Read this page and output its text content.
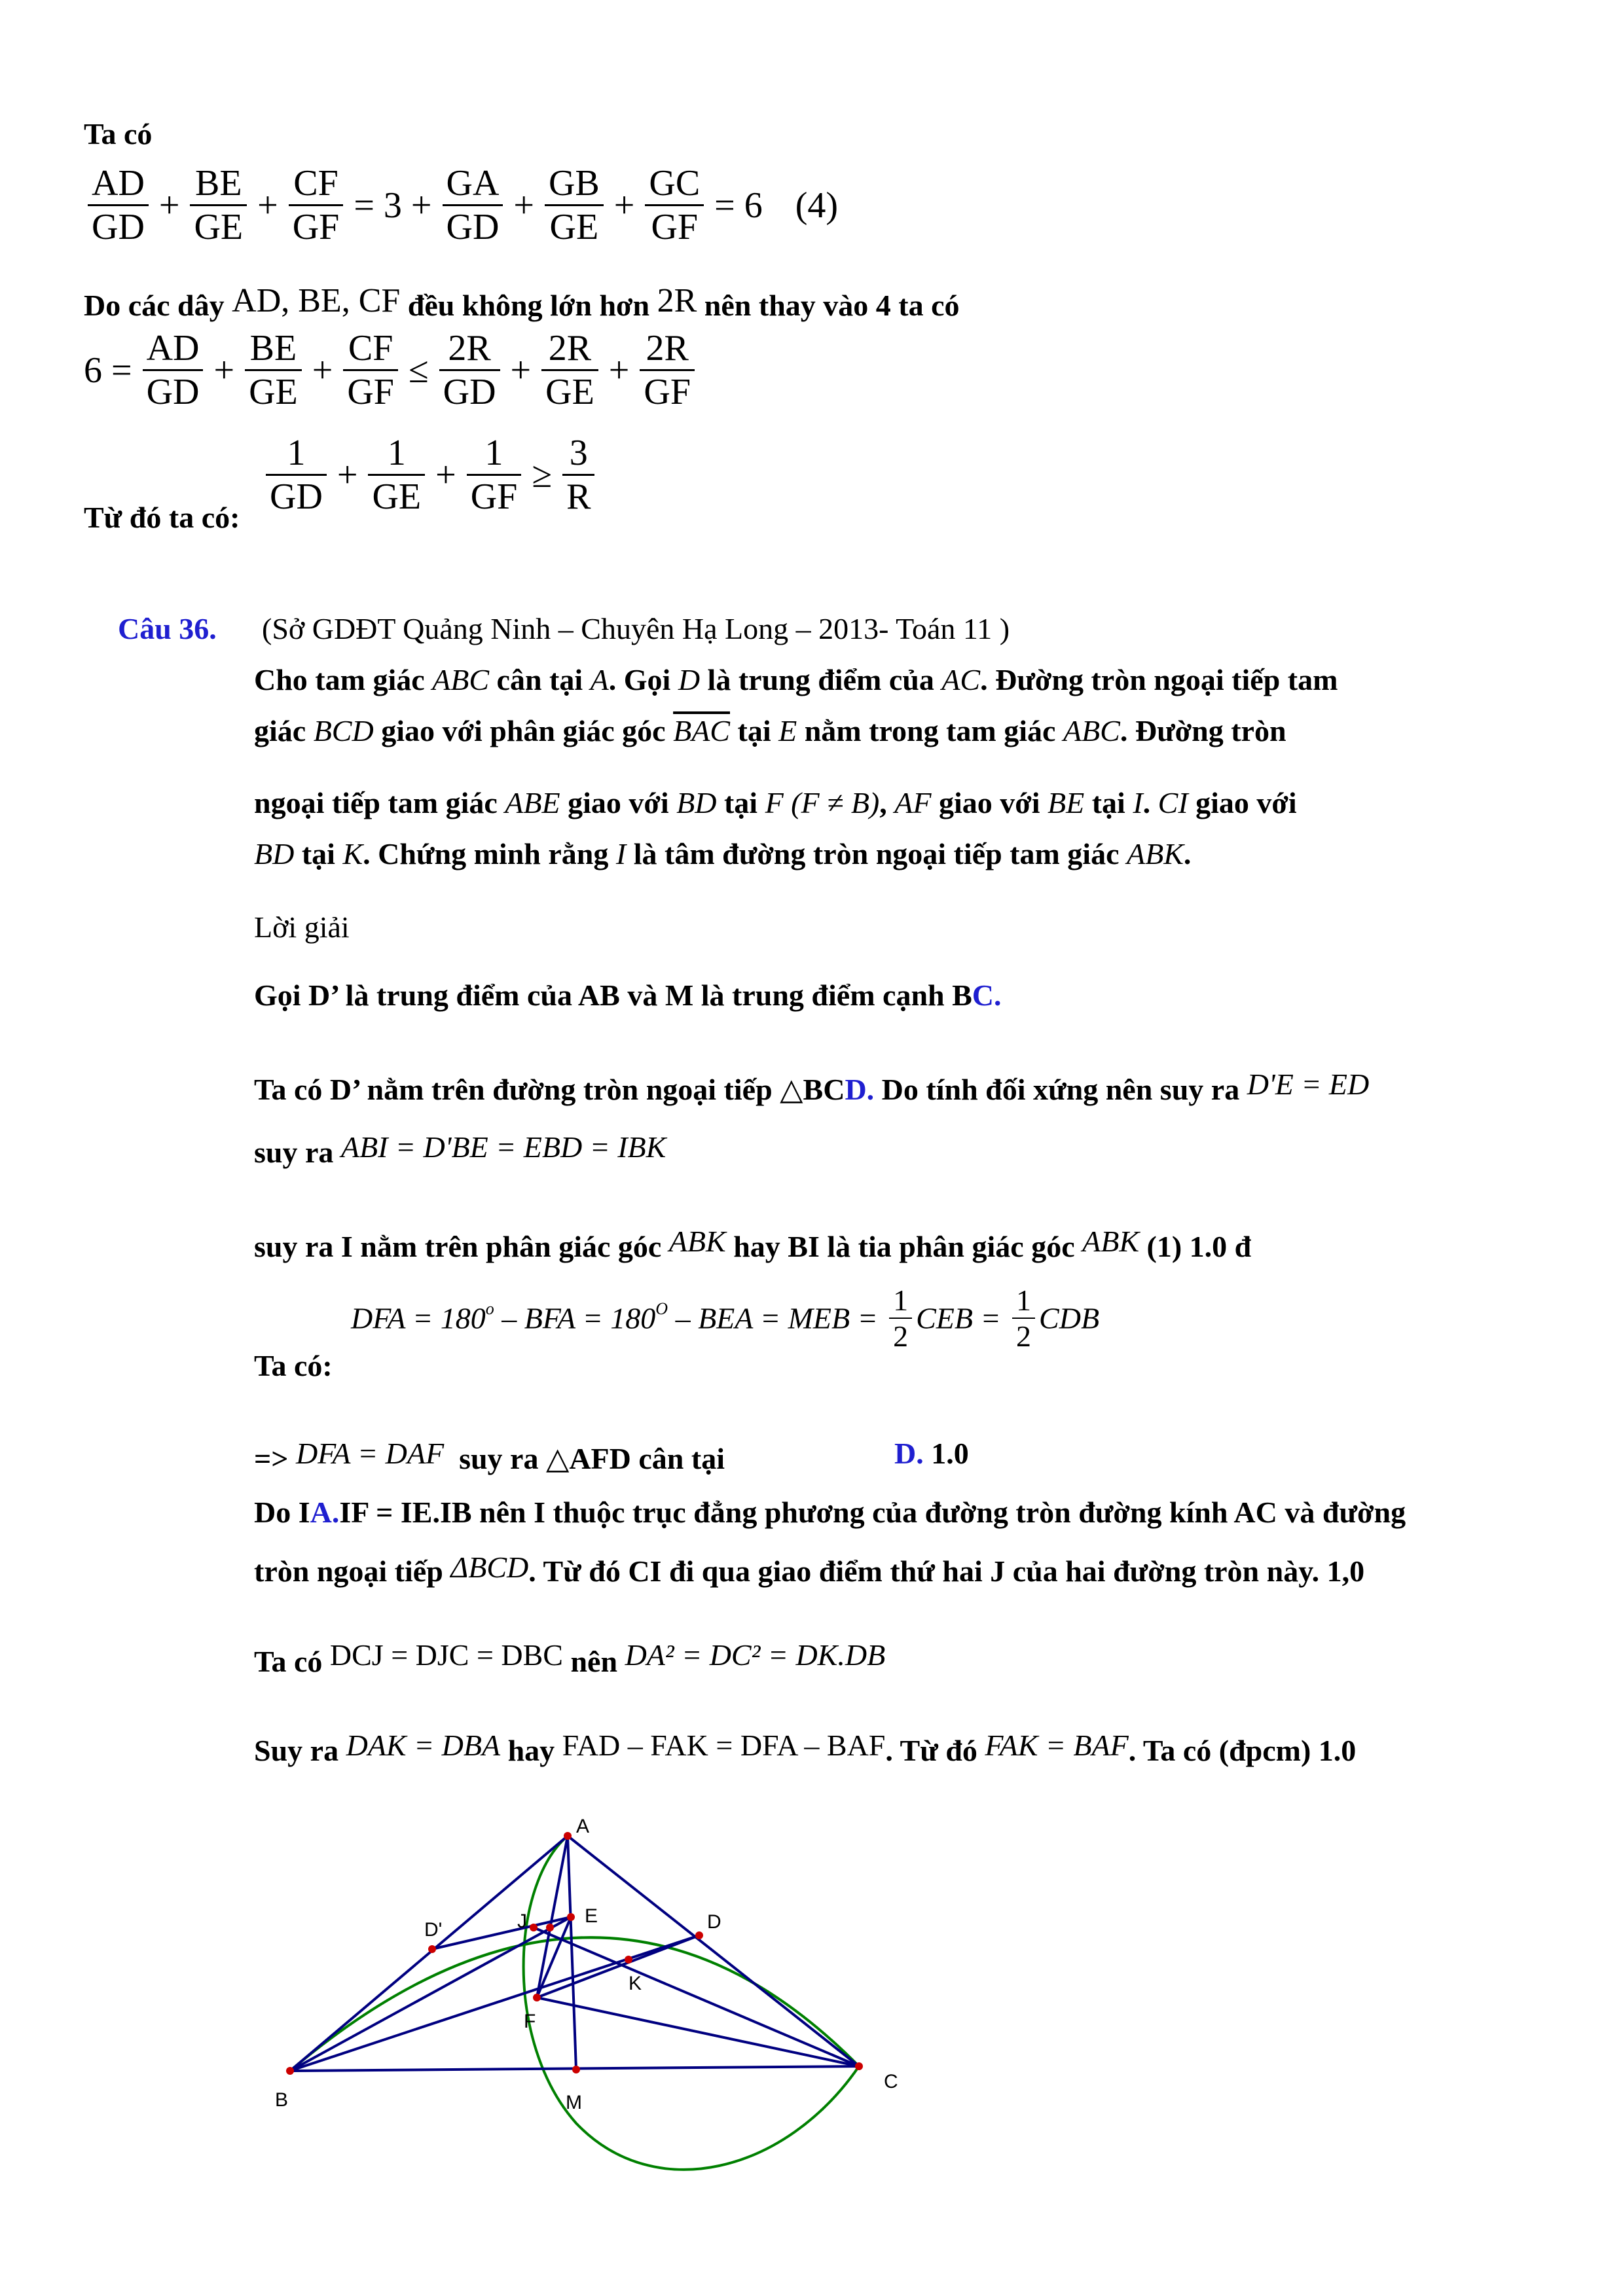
Ta có
$\frac{AD}{GD} + \frac{BE}{GE} + \frac{CF}{GF} = 3 + \frac{GA}{GD} + \frac{GB}{GE} + \frac{GC}{GF} = 6$ (4)
Do các dây AD, BE, CF đều không lớn hơn 2R nên thay vào 4 ta có
$6 = \frac{AD}{GD} + \frac{BE}{GE} + \frac{CF}{GF} \le \frac{2R}{GD} + \frac{2R}{GE} + \frac{2R}{GF}$
Từ đó ta có: $\frac{1}{GD} + \frac{1}{GE} + \frac{1}{GF} \ge \frac{3}{R}$
Câu 36. (Sở GDĐT Quảng Ninh – Chuyên Hạ Long – 2013- Toán 11 )
Cho tam giác ABC cân tại A. Gọi D là trung điểm của AC. Đường tròn ngoại tiếp tam
giác BCD giao với phân giác góc $\overline{BAC}$ tại E nằm trong tam giác ABC. Đường tròn
ngoại tiếp tam giác ABE giao với BD tại F (F ≠ B), AF giao với BE tại I. CI giao với
BD tại K. Chứng minh rằng I là tâm đường tròn ngoại tiếp tam giác ABK.
Lời giải
Gọi D’ là trung điểm của AB và M là trung điểm cạnh BC.
Ta có D’ nằm trên đường tròn ngoại tiếp △BCD. Do tính đối xứng nên suy ra D'E = ED
suy ra ABI = D'BE = EBD = IBK
suy ra I nằm trên phân giác góc ABK hay BI là tia phân giác góc ABK (1) 1.0 đ
Ta có:
DFA = $180^o$ – BFA = $180^O$ – BEA = MEB = $\frac{1}{2}$ CEB = $\frac{1}{2}$ CDB
=> DFA = DAF suy ra △AFD cân tại	D. 1.0
Do IA.IF = IE.IB nên I thuộc trục đẳng phương của đường tròn đường kính AC và đường
tròn ngoại tiếp ΔBCD. Từ đó CI đi qua giao điểm thứ hai J của hai đường tròn này. 1,0
Ta có DCJ = DJC = DBC nên DA² = DC² = DK.DB
Suy ra DAK = DBA hay FAD – FAK = DFA – BAF. Từ đó FAK = BAF. Ta có (đpcm) 1.0
A
B
C
D
D'
E
F
J
K
M
